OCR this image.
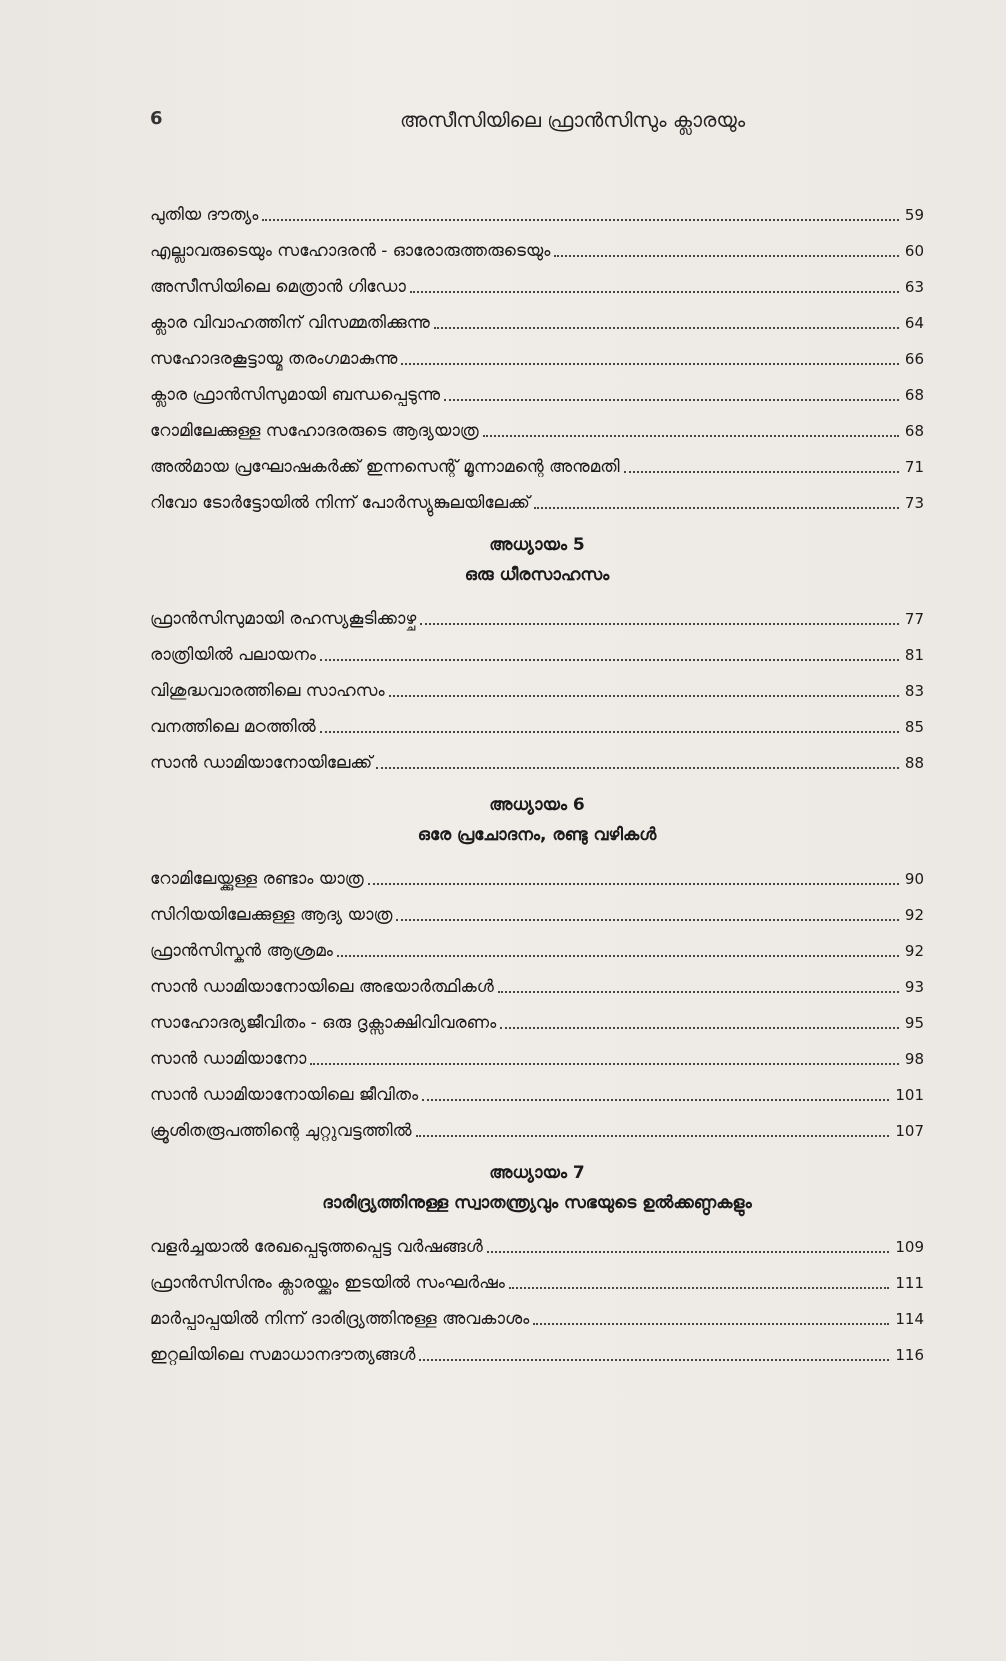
6	അസീസിയിലെ ഫ്രാൻസിസും ക്ലാരയും
പുതിയ ദൗത്യം	59
എല്ലാവരുടെയും സഹോദരൻ - ഓരോരുത്തരുടെയും	60
അസീസിയിലെ മെത്രാൻ ഗിഡോ	63
ക്ലാര വിവാഹത്തിന് വിസമ്മതിക്കുന്നു	64
സഹോദരകൂട്ടായ്മ തരംഗമാകുന്നു	66
ക്ലാര ഫ്രാൻസിസുമായി ബന്ധപ്പെടുന്നു	68
റോമിലേക്കുള്ള സഹോദരരുടെ ആദ്യയാത്ര	68
അൽമായ പ്രഘോഷകർക്ക് ഇന്നസെന്റ് മൂന്നാമന്റെ അനുമതി	71
റിവോ ടോർട്ടോയിൽ നിന്ന് പോർസ്യുങ്കുലയിലേക്ക്	73
അധ്യായം 5
ഒരു ധീരസാഹസം
ഫ്രാൻസിസുമായി രഹസ്യകൂടിക്കാഴ്ച	77
രാത്രിയിൽ പലായനം	81
വിശുദ്ധവാരത്തിലെ സാഹസം	83
വനത്തിലെ മഠത്തിൽ	85
സാൻ ഡാമിയാനോയിലേക്ക്	88
അധ്യായം 6
ഒരേ പ്രചോദനം, രണ്ടു വഴികൾ
റോമിലേയ്ക്കുള്ള രണ്ടാം യാത്ര	90
സിറിയയിലേക്കുള്ള ആദ്യ യാത്ര	92
ഫ്രാൻസിസ്കൻ ആശ്രമം	92
സാൻ ഡാമിയാനോയിലെ അഭയാർത്ഥികൾ	93
സാഹോദര്യജീവിതം - ഒരു ദൃക്സാക്ഷിവിവരണം	95
സാൻ ഡാമിയാനോ	98
സാൻ ഡാമിയാനോയിലെ ജീവിതം	101
ക്രൂശിതരൂപത്തിന്റെ ചുറ്റുവട്ടത്തിൽ	107
അധ്യായം 7
ദാരിദ്ര്യത്തിനുള്ള സ്വാതന്ത്ര്യവും സഭയുടെ ഉൽക്കണ്ഠകളും
വളർച്ചയാൽ രേഖപ്പെടുത്തപ്പെട്ട വർഷങ്ങൾ	109
ഫ്രാൻസിസിനും ക്ലാരയ്ക്കും ഇടയിൽ സംഘർഷം	111
മാർപ്പാപ്പയിൽ നിന്ന് ദാരിദ്ര്യത്തിനുള്ള അവകാശം	114
ഇറ്റലിയിലെ സമാധാനദൗത്യങ്ങൾ	116
